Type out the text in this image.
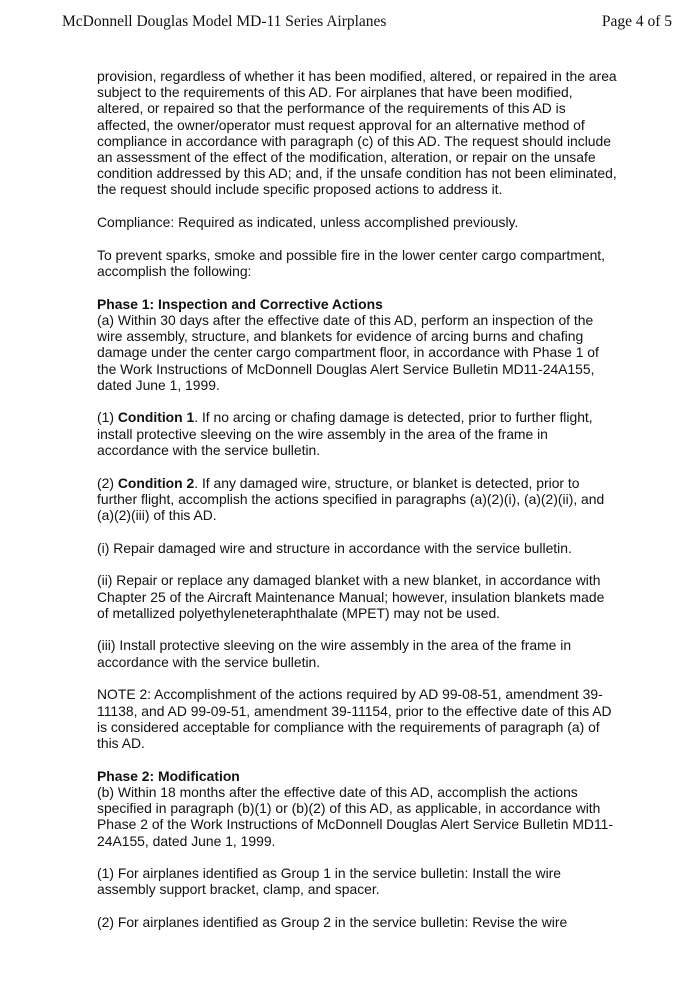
McDonnell Douglas Model MD-11 Series Airplanes	Page 4 of 5

provision, regardless of whether it has been modified, altered, or repaired in the area subject to the requirements of this AD. For airplanes that have been modified, altered, or repaired so that the performance of the requirements of this AD is affected, the owner/operator must request approval for an alternative method of compliance in accordance with paragraph (c) of this AD. The request should include an assessment of the effect of the modification, alteration, or repair on the unsafe condition addressed by this AD; and, if the unsafe condition has not been eliminated, the request should include specific proposed actions to address it.

Compliance: Required as indicated, unless accomplished previously.

To prevent sparks, smoke and possible fire in the lower center cargo compartment, accomplish the following:

Phase 1: Inspection and Corrective Actions
(a) Within 30 days after the effective date of this AD, perform an inspection of the wire assembly, structure, and blankets for evidence of arcing burns and chafing damage under the center cargo compartment floor, in accordance with Phase 1 of the Work Instructions of McDonnell Douglas Alert Service Bulletin MD11-24A155, dated June 1, 1999.

(1) Condition 1. If no arcing or chafing damage is detected, prior to further flight, install protective sleeving on the wire assembly in the area of the frame in accordance with the service bulletin.

(2) Condition 2. If any damaged wire, structure, or blanket is detected, prior to further flight, accomplish the actions specified in paragraphs (a)(2)(i), (a)(2)(ii), and (a)(2)(iii) of this AD.

(i) Repair damaged wire and structure in accordance with the service bulletin.

(ii) Repair or replace any damaged blanket with a new blanket, in accordance with Chapter 25 of the Aircraft Maintenance Manual; however, insulation blankets made of metallized polyethyleneteraphthalate (MPET) may not be used.

(iii) Install protective sleeving on the wire assembly in the area of the frame in accordance with the service bulletin.

NOTE 2: Accomplishment of the actions required by AD 99-08-51, amendment 39-11138, and AD 99-09-51, amendment 39-11154, prior to the effective date of this AD is considered acceptable for compliance with the requirements of paragraph (a) of this AD.

Phase 2: Modification
(b) Within 18 months after the effective date of this AD, accomplish the actions specified in paragraph (b)(1) or (b)(2) of this AD, as applicable, in accordance with Phase 2 of the Work Instructions of McDonnell Douglas Alert Service Bulletin MD11-24A155, dated June 1, 1999.

(1) For airplanes identified as Group 1 in the service bulletin: Install the wire assembly support bracket, clamp, and spacer.

(2) For airplanes identified as Group 2 in the service bulletin: Revise the wire
